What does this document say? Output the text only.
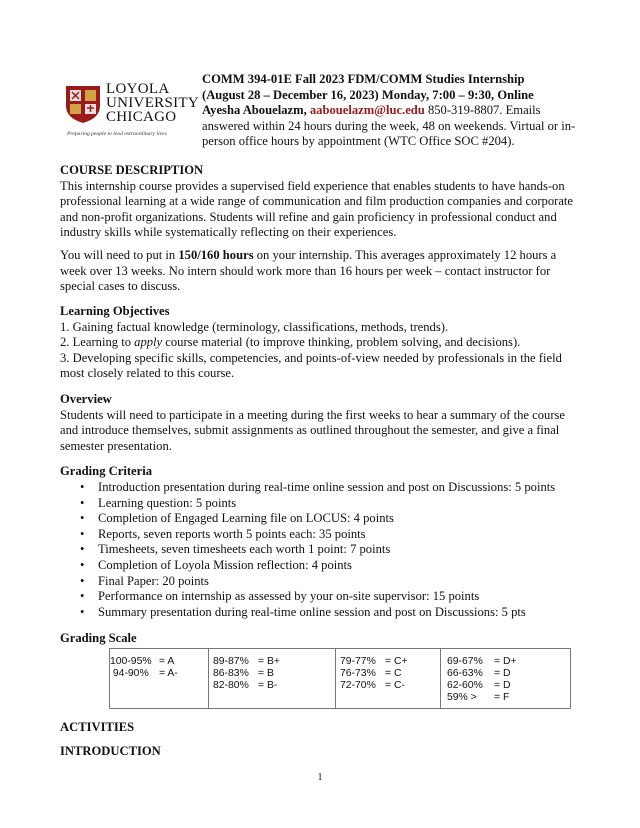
LOYOLA
UNIVERSITY
CHICAGO
Preparing people to lead extraordinary lives
COMM 394-01E Fall 2023 FDM/COMM Studies Internship
(August 28 – December 16, 2023) Monday, 7:00 – 9:30, Online
Ayesha Abouelazm, aabouelazm@luc.edu 850-319-8807. Emails
answered within 24 hours during the week, 48 on weekends. Virtual or in-
person office hours by appointment (WTC Office SOC #204).
COURSE DESCRIPTION

This internship course provides a supervised field experience that enables students to have hands-on professional learning at a wide range of communication and film production companies and corporate and non-profit organizations. Students will refine and gain proficiency in professional conduct and industry skills while systematically reflecting on their experiences.

You will need to put in 150/160 hours on your internship. This averages approximately 12 hours a week over 13 weeks. No intern should work more than 16 hours per week – contact instructor for special cases to discuss.

Learning Objectives

1. Gaining factual knowledge (terminology, classifications, methods, trends).

2. Learning to apply course material (to improve thinking, problem solving, and decisions).

3. Developing specific skills, competencies, and points-of-view needed by professionals in the field most closely related to this course.

Overview

Students will need to participate in a meeting during the first weeks to hear a summary of the course and introduce themselves, submit assignments as outlined throughout the semester, and give a final semester presentation.

Grading Criteria
• Introduction presentation during real-time online session and post on Discussions: 5 points
• Learning question: 5 points
• Completion of Engaged Learning file on LOCUS: 4 points
• Reports, seven reports worth 5 points each: 35 points
• Timesheets, seven timesheets each worth 1 point: 7 points
• Completion of Loyola Mission reflection: 4 points
• Final Paper: 20 points
• Performance on internship as assessed by your on-site supervisor: 15 points
• Summary presentation during real-time online session and post on Discussions: 5 pts
Grading Scale
100-95% = A
94-90% = A-

89-87% = B+
86-83% = B
82-80% = B-

79-77% = C+
76-73% = C
72-70% = C-

69-67% = D+
66-63% = D
62-60% = D
59% > = F
ACTIVITIES
INTRODUCTION
1
